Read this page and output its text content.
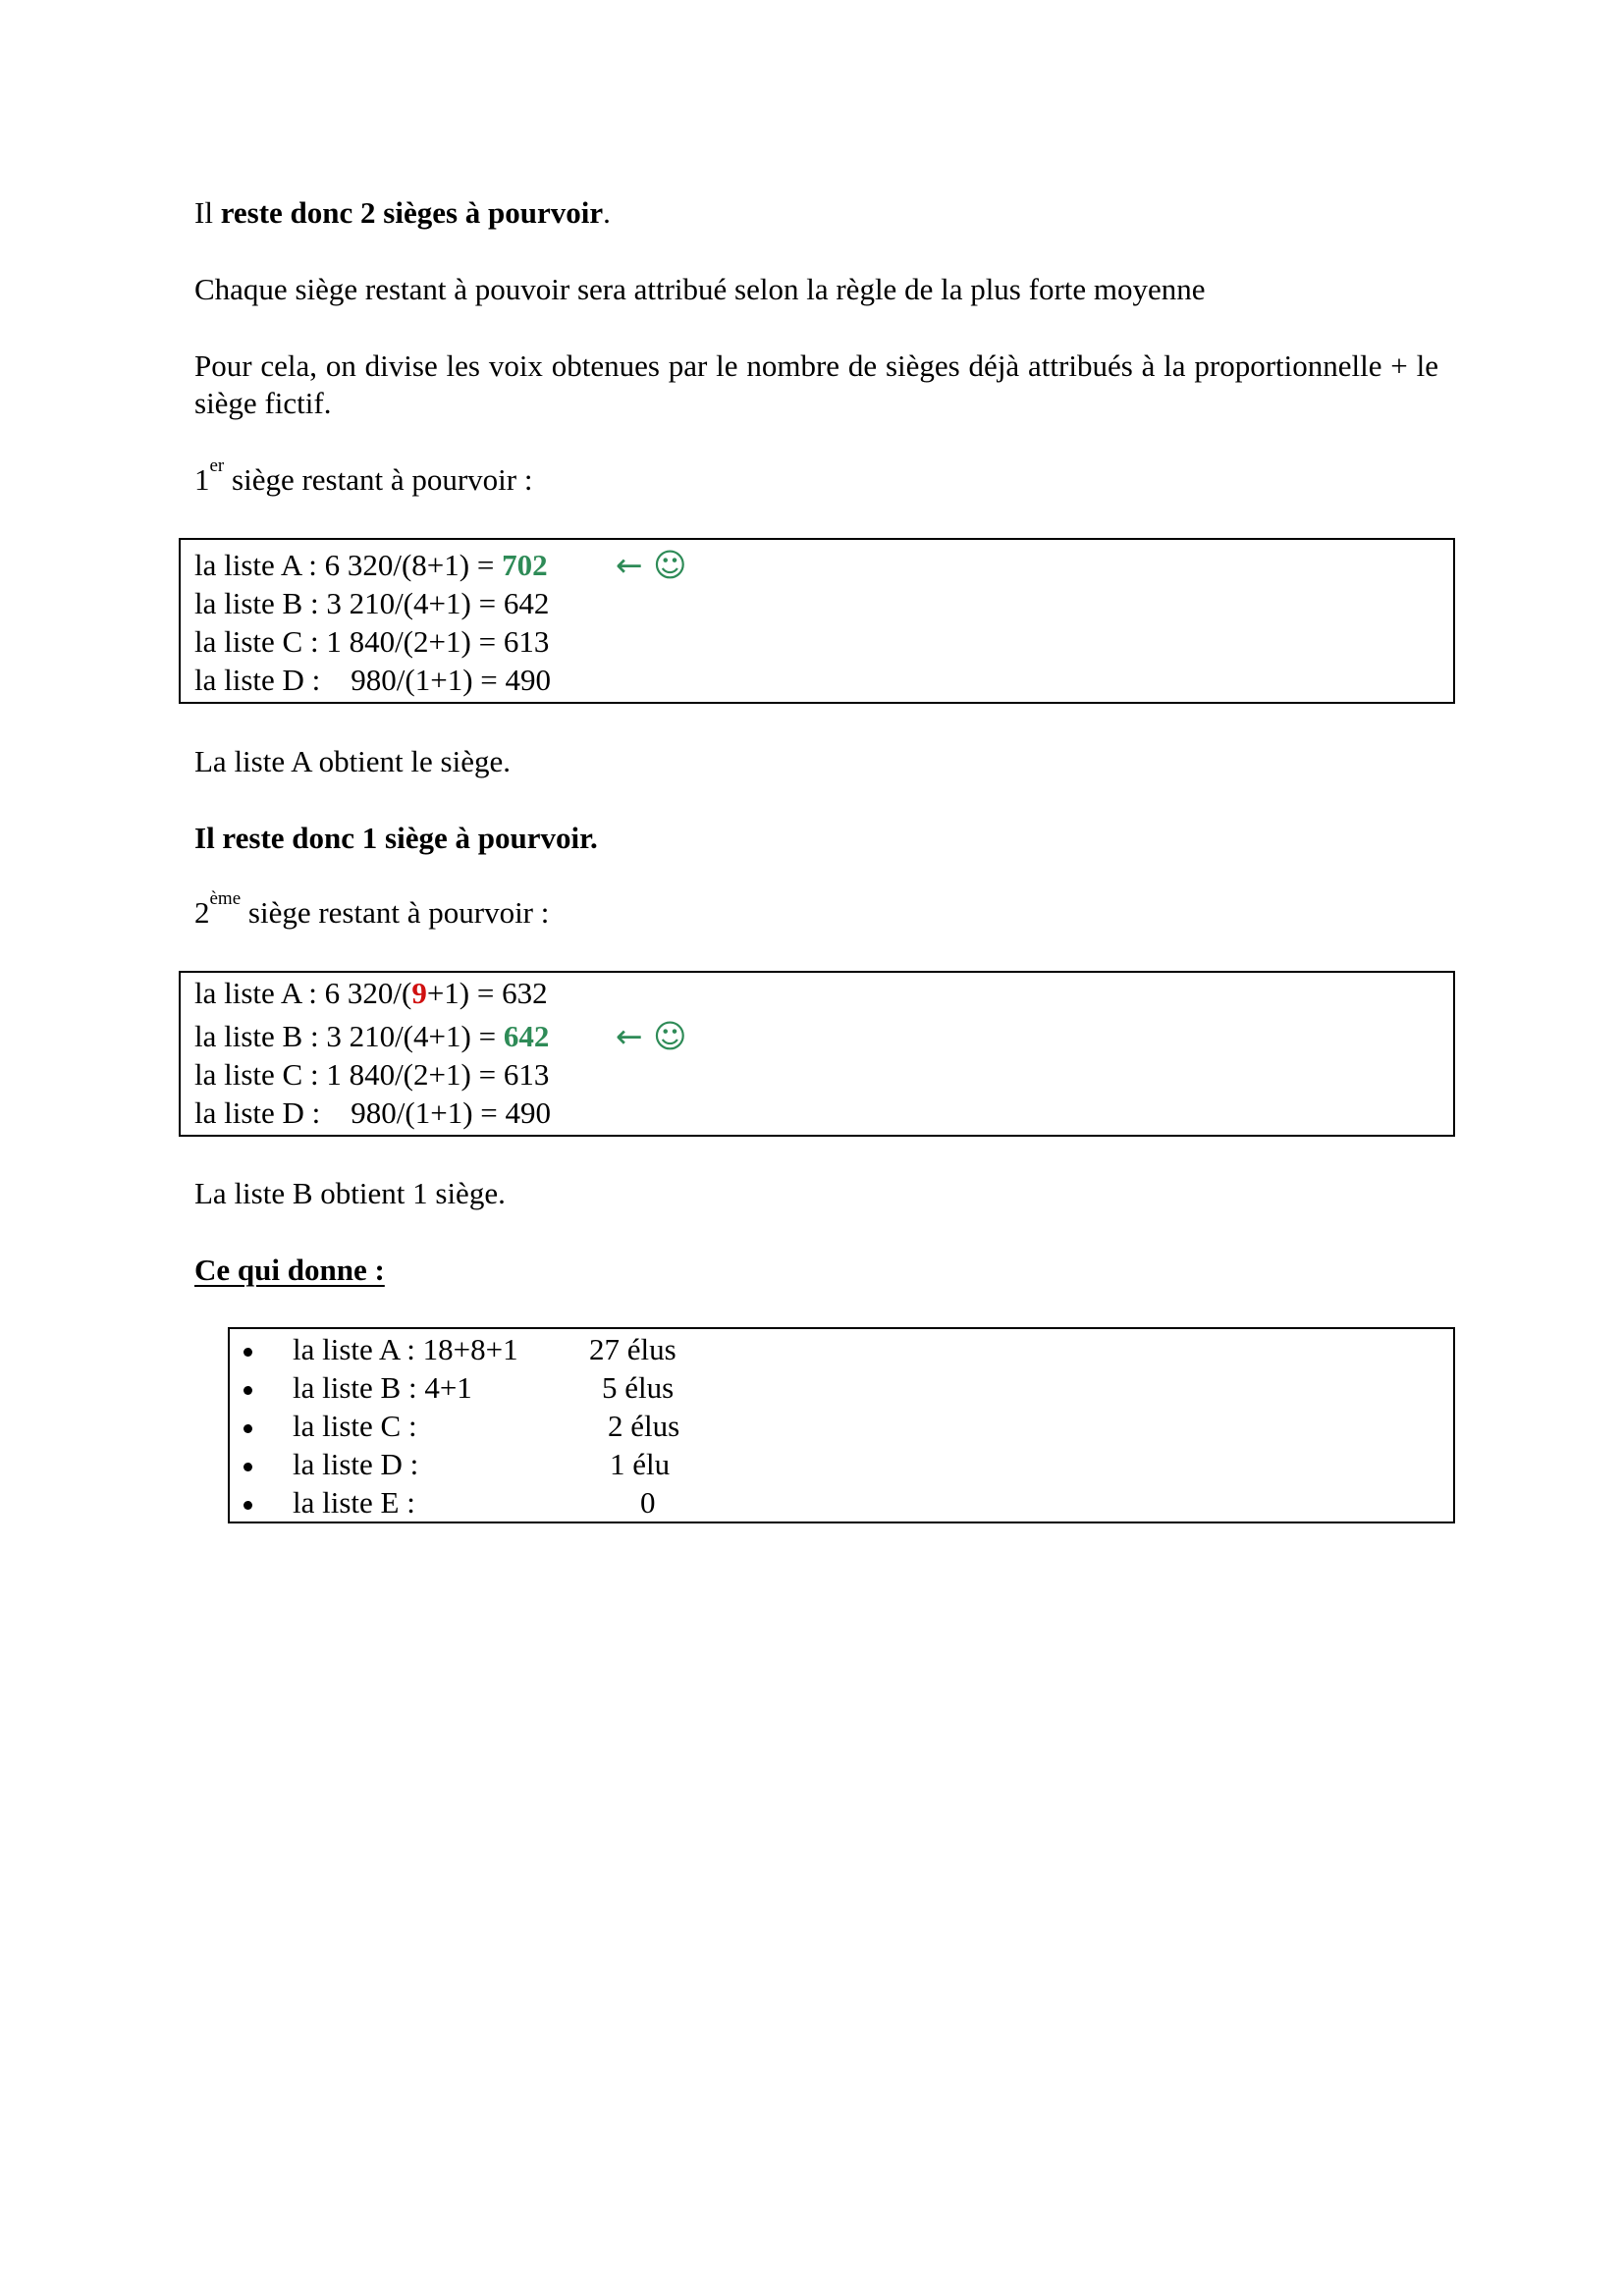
Il reste donc 2 sièges à pourvoir.
Chaque siège restant à pouvoir sera attribué selon la règle de la plus forte moyenne
Pour cela, on divise les voix obtenues par le nombre de sièges déjà attribués à la proportionnelle + le siège fictif.
1er siège restant à pourvoir :
la liste A : 6 320/(8+1) = 702 ← ☺
la liste B : 3 210/(4+1) = 642
la liste C : 1 840/(2+1) = 613
la liste D :    980/(1+1) = 490
La liste A obtient le siège.
Il reste donc 1 siège à pourvoir.
2ème siège restant à pourvoir :
la liste A : 6 320/(9+1) = 632
la liste B : 3 210/(4+1) = 642 ← ☺
la liste C : 1 840/(2+1) = 613
la liste D :    980/(1+1) = 490
La liste B obtient 1 siège.
Ce qui donne :
la liste A : 18+8+1 27 élus
la liste B : 4+1	5 élus
la liste C :	2 élus
la liste D :	1 élu
la liste E :	0
